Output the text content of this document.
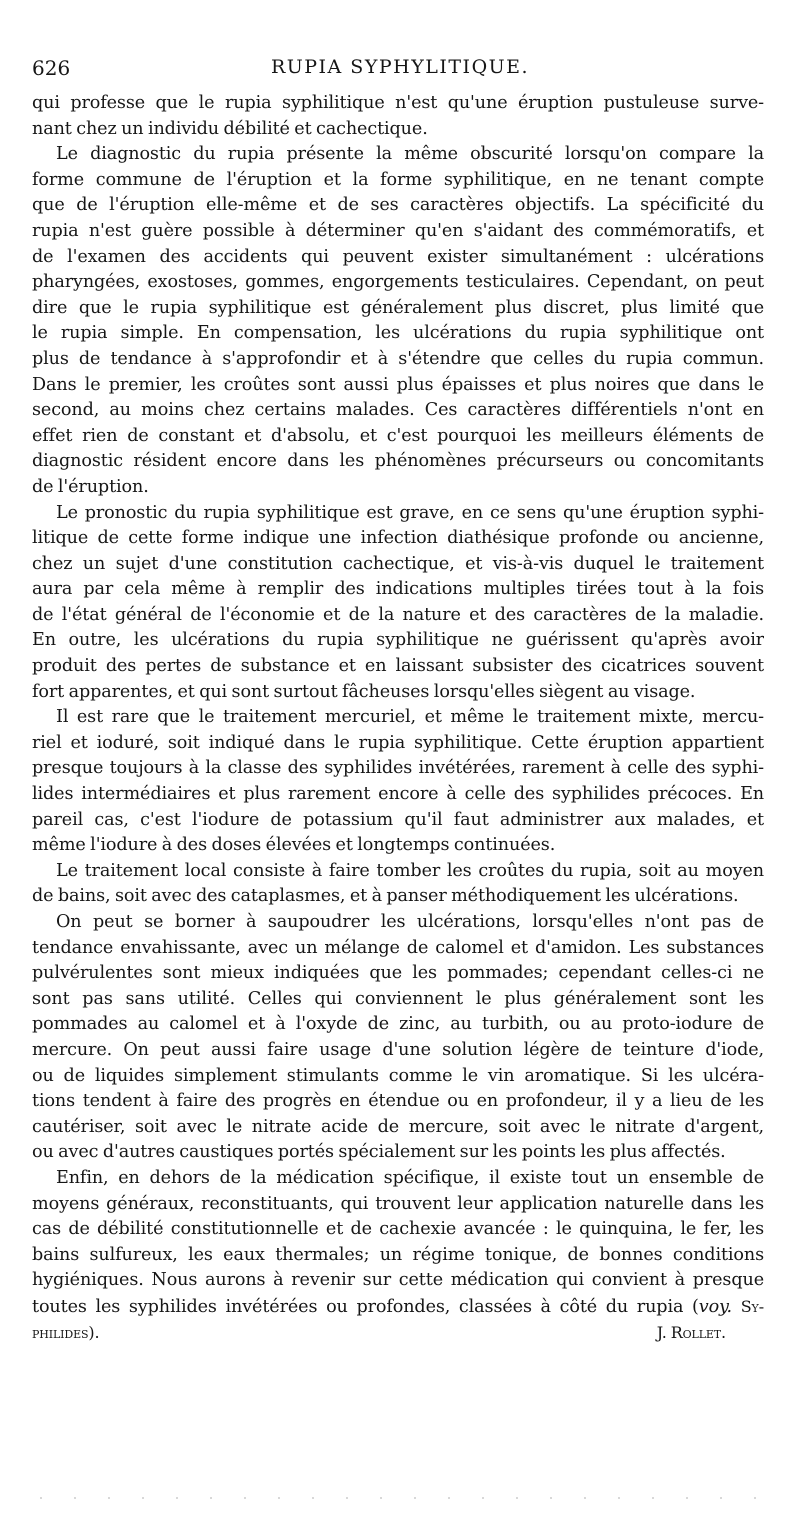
626	RUPIA SYPHYLITIQUE.
qui professe que le rupia syphilitique n'est qu'une éruption pustuleuse surve-
nant chez un individu débilité et cachectique.
Le diagnostic du rupia présente la même obscurité lorsqu'on compare la
forme commune de l'éruption et la forme syphilitique, en ne tenant compte
que de l'éruption elle-même et de ses caractères objectifs. La spécificité du
rupia n'est guère possible à déterminer qu'en s'aidant des commémoratifs, et
de l'examen des accidents qui peuvent exister simultanément : ulcérations
pharyngées, exostoses, gommes, engorgements testiculaires. Cependant, on peut
dire que le rupia syphilitique est généralement plus discret, plus limité que
le rupia simple. En compensation, les ulcérations du rupia syphilitique ont
plus de tendance à s'approfondir et à s'étendre que celles du rupia commun.
Dans le premier, les croûtes sont aussi plus épaisses et plus noires que dans le
second, au moins chez certains malades. Ces caractères différentiels n'ont en
effet rien de constant et d'absolu, et c'est pourquoi les meilleurs éléments de
diagnostic résident encore dans les phénomènes précurseurs ou concomitants
de l'éruption.
Le pronostic du rupia syphilitique est grave, en ce sens qu'une éruption syphi-
litique de cette forme indique une infection diathésique profonde ou ancienne,
chez un sujet d'une constitution cachectique, et vis-à-vis duquel le traitement
aura par cela même à remplir des indications multiples tirées tout à la fois
de l'état général de l'économie et de la nature et des caractères de la maladie.
En outre, les ulcérations du rupia syphilitique ne guérissent qu'après avoir
produit des pertes de substance et en laissant subsister des cicatrices souvent
fort apparentes, et qui sont surtout fâcheuses lorsqu'elles siègent au visage.
Il est rare que le traitement mercuriel, et même le traitement mixte, mercu-
riel et ioduré, soit indiqué dans le rupia syphilitique. Cette éruption appartient
presque toujours à la classe des syphilides invétérées, rarement à celle des syphi-
lides intermédiaires et plus rarement encore à celle des syphilides précoces. En
pareil cas, c'est l'iodure de potassium qu'il faut administrer aux malades, et
même l'iodure à des doses élevées et longtemps continuées.
Le traitement local consiste à faire tomber les croûtes du rupia, soit au moyen
de bains, soit avec des cataplasmes, et à panser méthodiquement les ulcérations.
On peut se borner à saupoudrer les ulcérations, lorsqu'elles n'ont pas de
tendance envahissante, avec un mélange de calomel et d'amidon. Les substances
pulvérulentes sont mieux indiquées que les pommades; cependant celles-ci ne
sont pas sans utilité. Celles qui conviennent le plus généralement sont les
pommades au calomel et à l'oxyde de zinc, au turbith, ou au proto-iodure de
mercure. On peut aussi faire usage d'une solution légère de teinture d'iode,
ou de liquides simplement stimulants comme le vin aromatique. Si les ulcéra-
tions tendent à faire des progrès en étendue ou en profondeur, il y a lieu de les
cautériser, soit avec le nitrate acide de mercure, soit avec le nitrate d'argent,
ou avec d'autres caustiques portés spécialement sur les points les plus affectés.
Enfin, en dehors de la médication spécifique, il existe tout un ensemble de
moyens généraux, reconstituants, qui trouvent leur application naturelle dans les
cas de débilité constitutionnelle et de cachexie avancée : le quinquina, le fer, les
bains sulfureux, les eaux thermales; un régime tonique, de bonnes conditions
hygiéniques. Nous aurons à revenir sur cette médication qui convient à presque
toutes les syphilides invétérées ou profondes, classées à côté du rupia (voy. Sy-
philides).	J. Rollet.
